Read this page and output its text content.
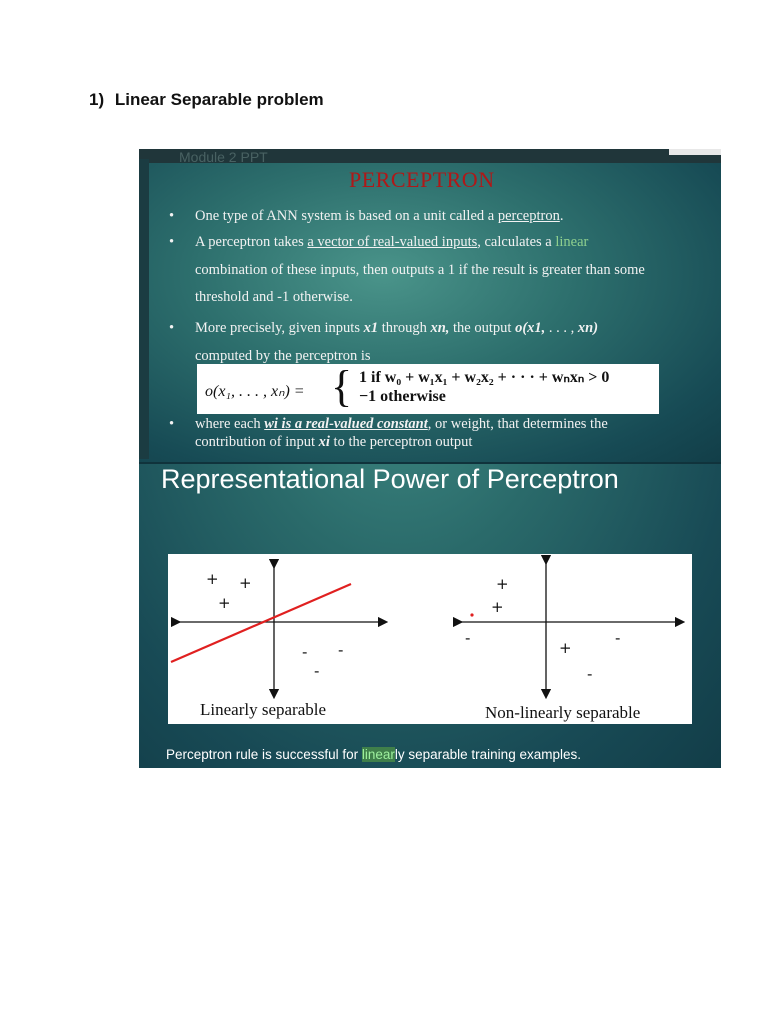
1) Linear Separable problem
Module 2 PPT
PERCEPTRON
• One type of ANN system is based on a unit called a perceptron.
• A perceptron takes a vector of real-valued inputs, calculates a linear
combination of these inputs, then outputs a 1 if the result is greater than some
threshold and -1 otherwise.
• More precisely, given inputs x1 through xn, the output o(x1, . . . , xn)
computed by the perceptron is
• where each wi is a real-valued constant, or weight, that determines the
contribution of input xi to the perceptron output
o(x₁, . . . , xₙ) = { 1 if w₀ + w₁x₁ + w₂x₂ + · · · + wₙxₙ > 0
−1 otherwise
Representational Power of Perceptron
+ +
+
- -
-
+
+
-
+
-
-
Linearly separable	Non-linearly separable
Perceptron rule is successful for linearly separable training examples.
